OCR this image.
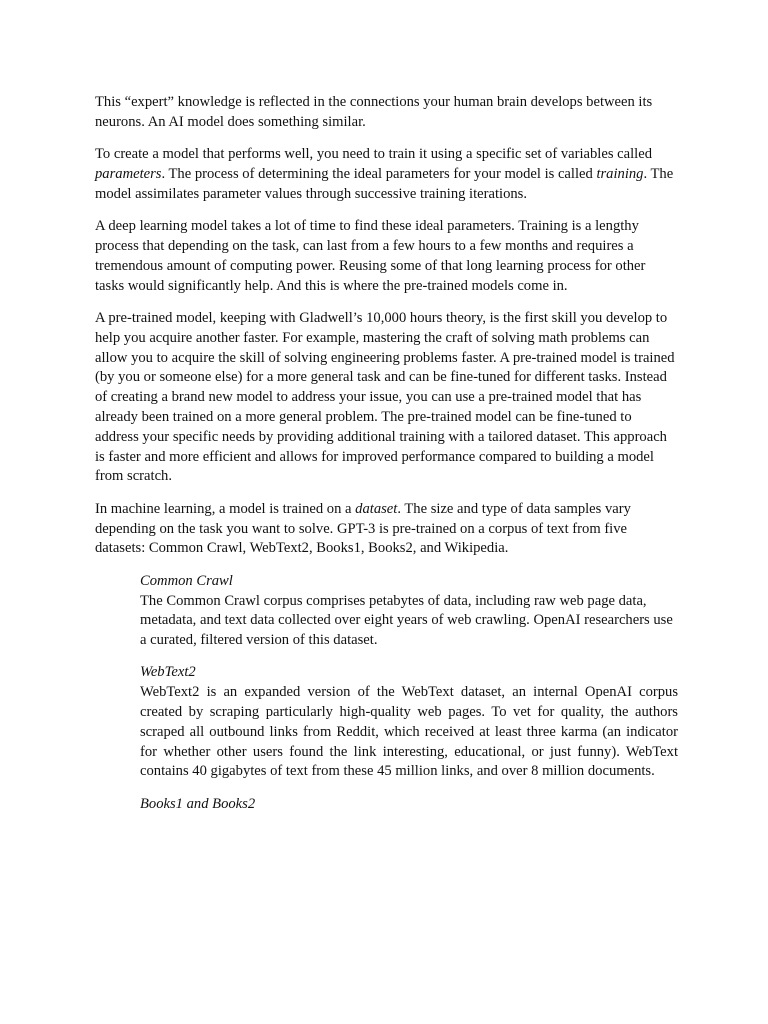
This “expert” knowledge is reflected in the connections your human brain develops between its neurons. An AI model does something similar.

To create a model that performs well, you need to train it using a specific set of variables called parameters. The process of determining the ideal parameters for your model is called training. The model assimilates parameter values through successive training iterations.

A deep learning model takes a lot of time to find these ideal parameters. Training is a lengthy process that depending on the task, can last from a few hours to a few months and requires a tremendous amount of computing power. Reusing some of that long learning process for other tasks would significantly help. And this is where the pre-trained models come in.

A pre-trained model, keeping with Gladwell’s 10,000 hours theory, is the first skill you develop to help you acquire another faster. For example, mastering the craft of solving math problems can allow you to acquire the skill of solving engineering problems faster. A pre-trained model is trained (by you or someone else) for a more general task and can be fine-tuned for different tasks. Instead of creating a brand new model to address your issue, you can use a pre-trained model that has already been trained on a more general problem. The pre-trained model can be fine-tuned to address your specific needs by providing additional training with a tailored dataset. This approach is faster and more efficient and allows for improved performance compared to building a model from scratch.

In machine learning, a model is trained on a dataset. The size and type of data samples vary depending on the task you want to solve. GPT-3 is pre-trained on a corpus of text from five datasets: Common Crawl, WebText2, Books1, Books2, and Wikipedia.

Common Crawl
The Common Crawl corpus comprises petabytes of data, including raw web page data, metadata, and text data collected over eight years of web crawling. OpenAI researchers use a curated, filtered version of this dataset.
WebText2
WebText2 is an expanded version of the WebText dataset, an internal OpenAI corpus created by scraping particularly high-quality web pages. To vet for quality, the authors scraped all outbound links from Reddit, which received at least three karma (an indicator for whether other users found the link interesting, educational, or just funny). WebText contains 40 gigabytes of text from these 45 million links, and over 8 million documents.
Books1 and Books2
